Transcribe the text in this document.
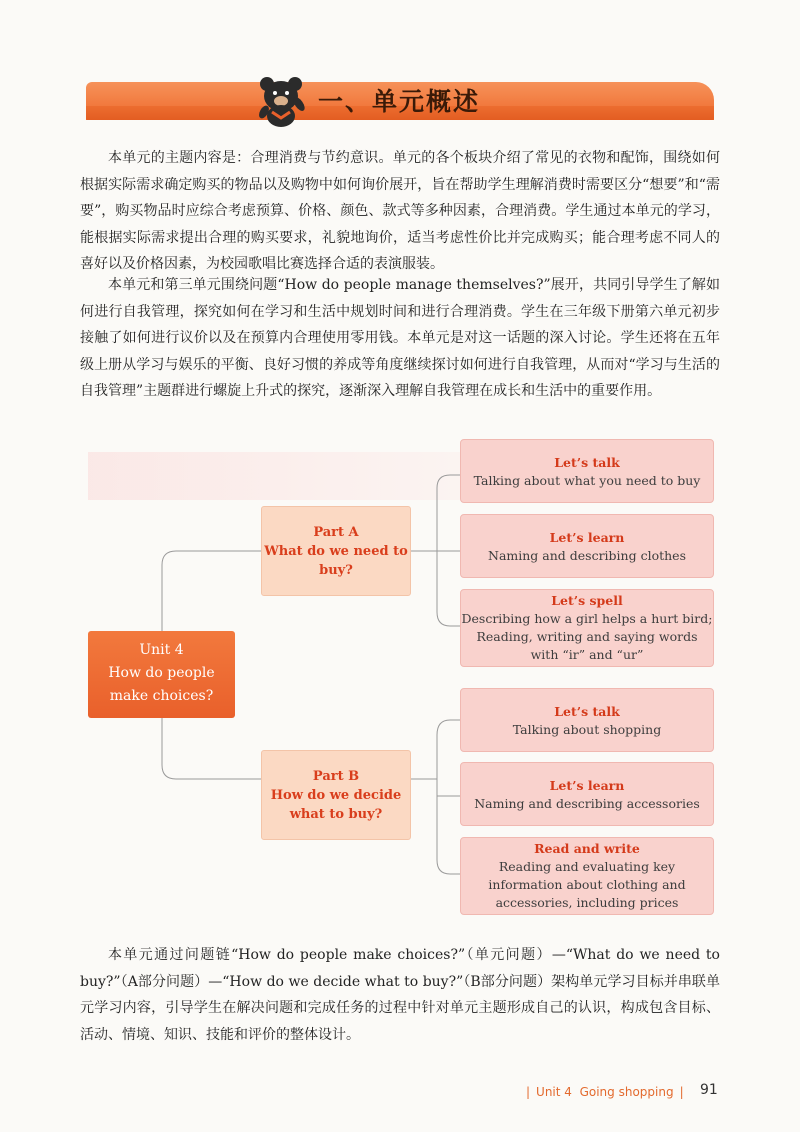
一、单元概述

本单元的主题内容是：合理消费与节约意识。单元的各个板块介绍了常见的衣物和配饰，围绕如何根据实际需求确定购买的物品以及购物中如何询价展开，旨在帮助学生理解消费时需要区分“想要”和“需要”，购买物品时应综合考虑预算、价格、颜色、款式等多种因素，合理消费。学生通过本单元的学习，能根据实际需求提出合理的购买要求，礼貌地询价，适当考虑性价比并完成购买；能合理考虑不同人的喜好以及价格因素，为校园歌唱比赛选择合适的表演服装。

本单元和第三单元围绕问题“How do people manage themselves?”展开，共同引导学生了解如何进行自我管理，探究如何在学习和生活中规划时间和进行合理消费。学生在三年级下册第六单元初步接触了如何进行议价以及在预算内合理使用零用钱。本单元是对这一话题的深入讨论。学生还将在五年级上册从学习与娱乐的平衡、良好习惯的养成等角度继续探讨如何进行自我管理，从而对“学习与生活的自我管理”主题群进行螺旋上升式的探究，逐渐深入理解自我管理在成长和生活中的重要作用。

Unit 4
How do people
make choices?
Part A
What do we need to
buy?
Part B
How do we decide
what to buy?
Let’s talk
Talking about what you need to buy
Let’s learn
Naming and describing clothes
Let’s spell
Describing how a girl helps a hurt bird; Reading, writing and saying words with “ir” and “ur”
Let’s talk
Talking about shopping
Let’s learn
Naming and describing accessories
Read and write
Reading and evaluating key information about clothing and accessories, including prices

本单元通过问题链“How do people make choices?”（单元问题）—“What do we need to buy?”（A部分问题）—“How do we decide what to buy?”（B部分问题）架构单元学习目标并串联单元学习内容，引导学生在解决问题和完成任务的过程中针对单元主题形成自己的认识，构成包含目标、活动、情境、知识、技能和评价的整体设计。

| Unit 4 Going shopping |	91
